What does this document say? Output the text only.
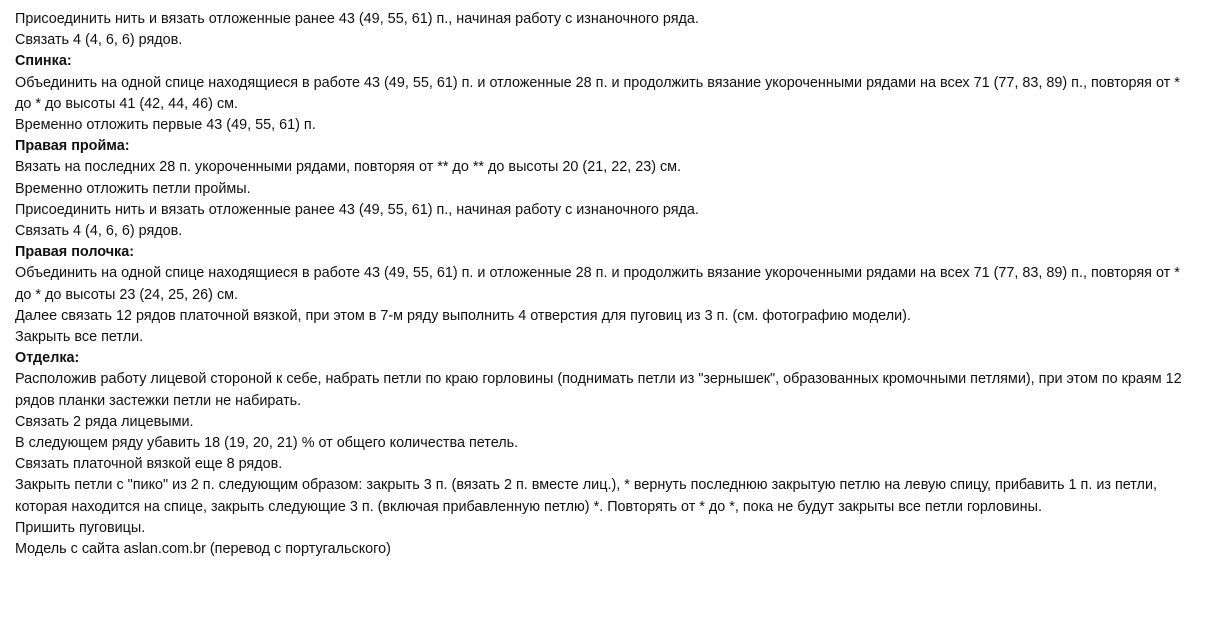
Присоединить нить и вязать отложенные ранее 43 (49, 55, 61) п., начиная работу с изнаночного ряда.

Связать 4 (4, 6, 6) рядов.

Спинка:

Объединить на одной спице находящиеся в работе 43 (49, 55, 61) п. и отложенные 28 п. и продолжить вязание укороченными рядами на всех 71 (77, 83, 89) п., повторяя от * до * до высоты 41 (42, 44, 46) см.

Временно отложить первые 43 (49, 55, 61) п.

Правая пройма:

Вязать на последних 28 п. укороченными рядами, повторяя от ** до ** до высоты 20 (21, 22, 23) см.

Временно отложить петли проймы.

Присоединить нить и вязать отложенные ранее 43 (49, 55, 61) п., начиная работу с изнаночного ряда.

Связать 4 (4, 6, 6) рядов.

Правая полочка:

Объединить на одной спице находящиеся в работе 43 (49, 55, 61) п. и отложенные 28 п. и продолжить вязание укороченными рядами на всех 71 (77, 83, 89) п., повторяя от * до * до высоты 23 (24, 25, 26) см.

Далее связать 12 рядов платочной вязкой, при этом в 7-м ряду выполнить 4 отверстия для пуговиц из 3 п. (см. фотографию модели).

Закрыть все петли.

Отделка:

Расположив работу лицевой стороной к себе, набрать петли по краю горловины (поднимать петли из "зернышек", образованных кромочными петлями), при этом по краям 12 рядов планки застежки петли не набирать.

Связать 2 ряда лицевыми.

В следующем ряду убавить 18 (19, 20, 21) % от общего количества петель.

Связать платочной вязкой еще 8 рядов.

Закрыть петли с "пико" из 2 п. следующим образом: закрыть 3 п. (вязать 2 п. вместе лиц.), * вернуть последнюю закрытую петлю на левую спицу, прибавить 1 п. из петли, которая находится на спице, закрыть следующие 3 п. (включая прибавленную петлю) *. Повторять от * до *, пока не будут закрыты все петли горловины.

Пришить пуговицы.

Модель с сайта aslan.com.br (перевод с португальского)
